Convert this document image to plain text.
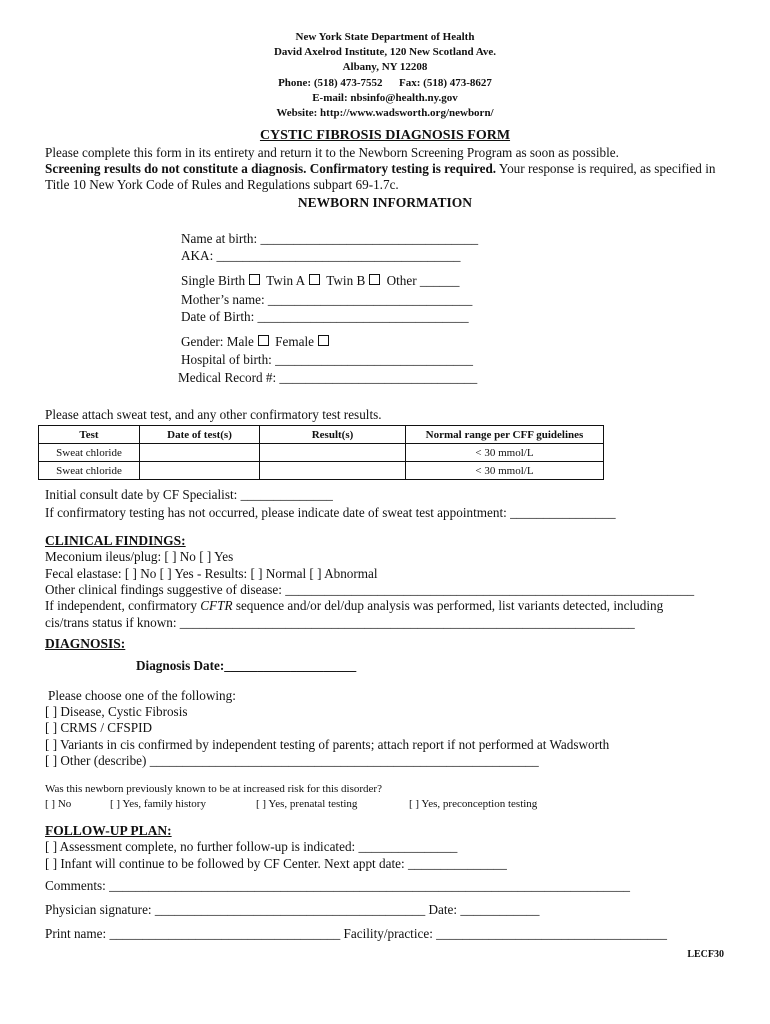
New York State Department of Health
David Axelrod Institute, 120 New Scotland Ave.
Albany, NY 12208
Phone: (518) 473-7552      Fax: (518) 473-8627
E-mail: nbsinfo@health.ny.gov
Website: http://www.wadsworth.org/newborn/
CYSTIC FIBROSIS DIAGNOSIS FORM
Please complete this form in its entirety and return it to the Newborn Screening Program as soon as possible.
Screening results do not constitute a diagnosis. Confirmatory testing is required. Your response is required, as specified in Title 10 New York Code of Rules and Regulations subpart 69-1.7c.
NEWBORN INFORMATION
Name at birth: _________________________________
AKA: _____________________________________
Single Birth Twin A Twin B Other ______
Mother’s name: _______________________________
Date of Birth: ________________________________
Gender: Male Female
Hospital of birth: ______________________________
Medical Record #: ______________________________
Please attach sweat test, and any other confirmatory test results.
Test	Date of test(s)	Result(s)	Normal range per CFF guidelines
Sweat chloride			< 30 mmol/L
Sweat chloride			< 30 mmol/L
Initial consult date by CF Specialist: ______________
If confirmatory testing has not occurred, please indicate date of sweat test appointment: ________________
CLINICAL FINDINGS:
Meconium ileus/plug: [ ] No [ ] Yes
Fecal elastase: [ ] No [ ] Yes - Results: [ ] Normal [ ] Abnormal
Other clinical findings suggestive of disease: ______________________________________________________________
If independent, confirmatory CFTR sequence and/or del/dup analysis was performed, list variants detected, including
cis/trans status if known: _____________________________________________________________________
DIAGNOSIS:
Diagnosis Date:____________________
Please choose one of the following:
[ ] Disease, Cystic Fibrosis
[ ] CRMS / CFSPID
[ ] Variants in cis confirmed by independent testing of parents; attach report if not performed at Wadsworth
[ ] Other (describe) ___________________________________________________________
Was this newborn previously known to be at increased risk for this disorder?
[ ] No	[ ] Yes, family history	[ ] Yes, prenatal testing	[ ] Yes, preconception testing
FOLLOW-UP PLAN:
[ ] Assessment complete, no further follow-up is indicated: _______________
[ ] Infant will continue to be followed by CF Center. Next appt date: _______________
Comments: _______________________________________________________________________________
Physician signature: _________________________________________ Date: ____________
Print name: ___________________________________ Facility/practice: ___________________________________
LECF30
